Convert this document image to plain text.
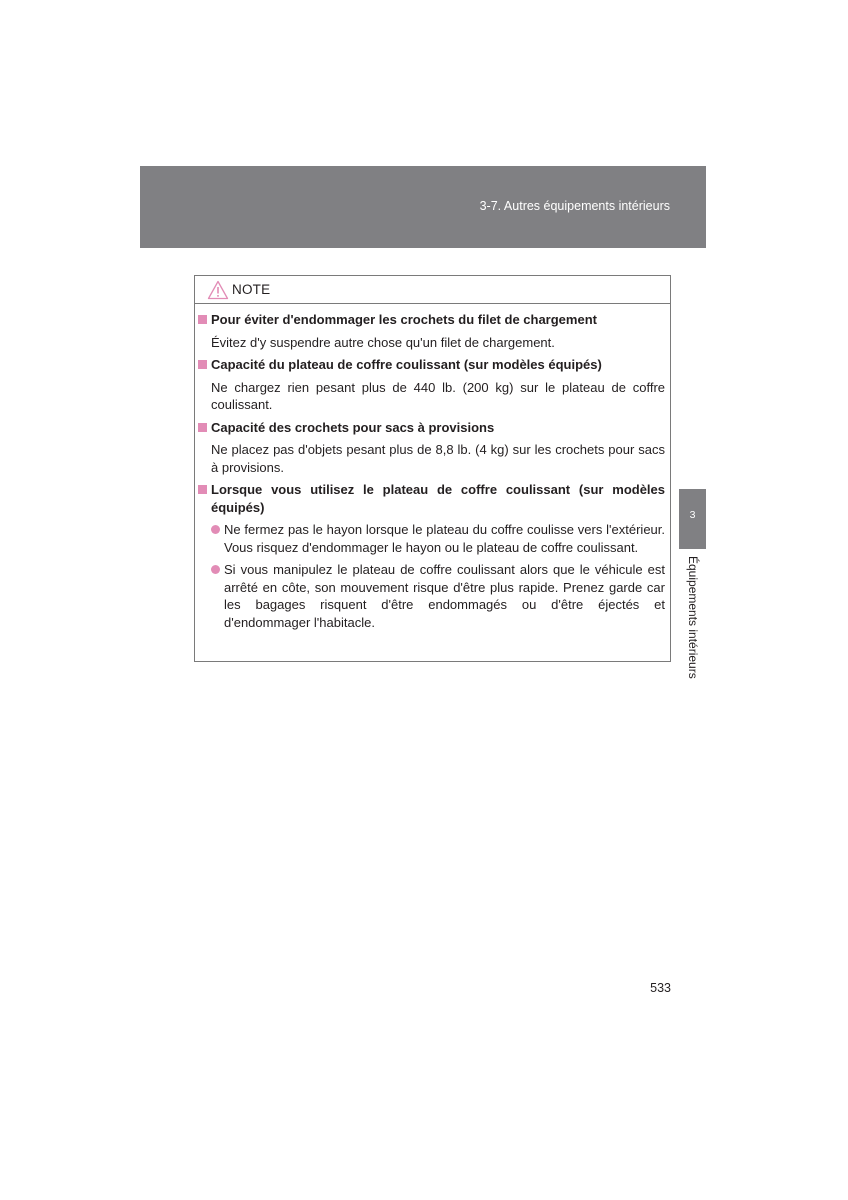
3-7. Autres équipements intérieurs
NOTE
Pour éviter d'endommager les crochets du filet de chargement
Évitez d'y suspendre autre chose qu'un filet de chargement.
Capacité du plateau de coffre coulissant (sur modèles équipés)
Ne chargez rien pesant plus de 440 lb. (200 kg) sur le plateau de coffre coulissant.
Capacité des crochets pour sacs à provisions
Ne placez pas d'objets pesant plus de 8,8 lb. (4 kg) sur les crochets pour sacs à provisions.
Lorsque vous utilisez le plateau de coffre coulissant (sur modèles équipés)
Ne fermez pas le hayon lorsque le plateau du coffre coulisse vers l'extérieur. Vous risquez d'endommager le hayon ou le plateau de coffre coulissant.
Si vous manipulez le plateau de coffre coulissant alors que le véhicule est arrêté en côte, son mouvement risque d'être plus rapide. Prenez garde car les bagages risquent d'être endommagés ou d'être éjectés et d'endommager l'habitacle.
3
Équipements intérieurs
533
